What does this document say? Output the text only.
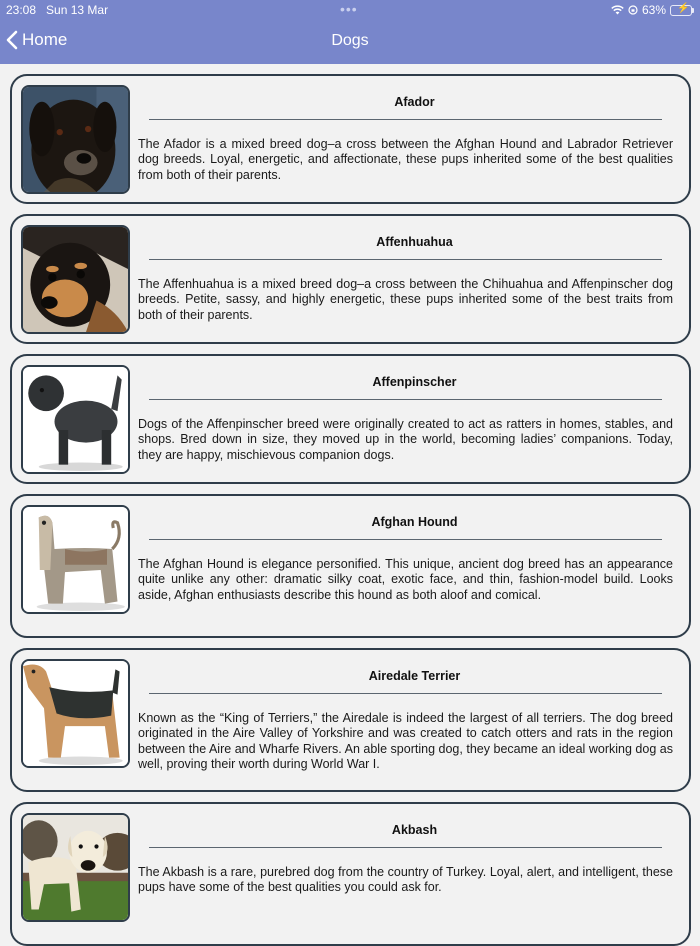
23:08 Sun 13 Mar	•••	63% ⚡
Home	Dogs
Afador
The Afador is a mixed breed dog–a cross between the Afghan Hound and Labrador Retriever dog breeds. Loyal, energetic, and affectionate, these pups inherited some of the best qualities from both of their parents.
Affenhuahua
The Affenhuahua is a mixed breed dog–a cross between the Chihuahua and Affenpinscher dog breeds. Petite, sassy, and highly energetic, these pups inherited some of the best traits from both of their parents.
Affenpinscher
Dogs of the Affenpinscher breed were originally created to act as ratters in homes, stables, and shops. Bred down in size, they moved up in the world, becoming ladies’ companions. Today, they are happy, mischievous companion dogs.
Afghan Hound
The Afghan Hound is elegance personified. This unique, ancient dog breed has an appearance quite unlike any other: dramatic silky coat, exotic face, and thin, fashion-model build. Looks aside, Afghan enthusiasts describe this hound as both aloof and comical.
Airedale Terrier
Known as the “King of Terriers,” the Airedale is indeed the largest of all terriers. The dog breed originated in the Aire Valley of Yorkshire and was created to catch otters and rats in the region between the Aire and Wharfe Rivers. An able sporting dog, they became an ideal working dog as well, proving their worth during World War I.
Akbash
The Akbash is a rare, purebred dog from the country of Turkey. Loyal, alert, and intelligent, these pups have some of the best qualities you could ask for.
